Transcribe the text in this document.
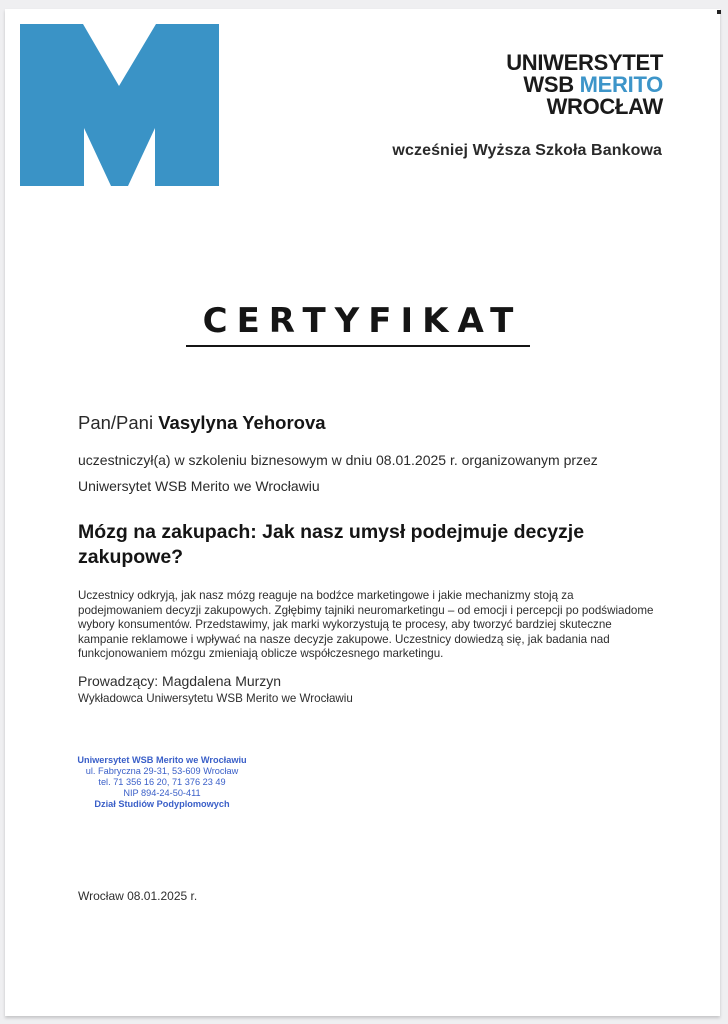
UNIWERSYTET
WSB MERITO
WROCŁAW
wcześniej Wyższa Szkoła Bankowa
CERTYFIKAT
Pan/Pani Vasylyna Yehorova
uczestniczył(a) w szkoleniu biznesowym w dniu 08.01.2025 r. organizowanym przez
Uniwersytet WSB Merito we Wrocławiu
Mózg na zakupach: Jak nasz umysł podejmuje decyzje zakupowe?
Uczestnicy odkryją, jak nasz mózg reaguje na bodźce marketingowe i jakie mechanizmy stoją za podejmowaniem decyzji zakupowych. Zgłębimy tajniki neuromarketingu – od emocji i percepcji po podświadome wybory konsumentów. Przedstawimy, jak marki wykorzystują te procesy, aby tworzyć bardziej skuteczne kampanie reklamowe i wpływać na nasze decyzje zakupowe. Uczestnicy dowiedzą się, jak badania nad funkcjonowaniem mózgu zmieniają oblicze współczesnego marketingu.
Prowadzący: Magdalena Murzyn
Wykładowca Uniwersytetu WSB Merito we Wrocławiu
Uniwersytet WSB Merito we Wrocławiu
ul. Fabryczna 29-31, 53-609 Wrocław
tel. 71 356 16 20, 71 376 23 49
NIP 894-24-50-411
Dział Studiów Podyplomowych
Wrocław 08.01.2025 r.
